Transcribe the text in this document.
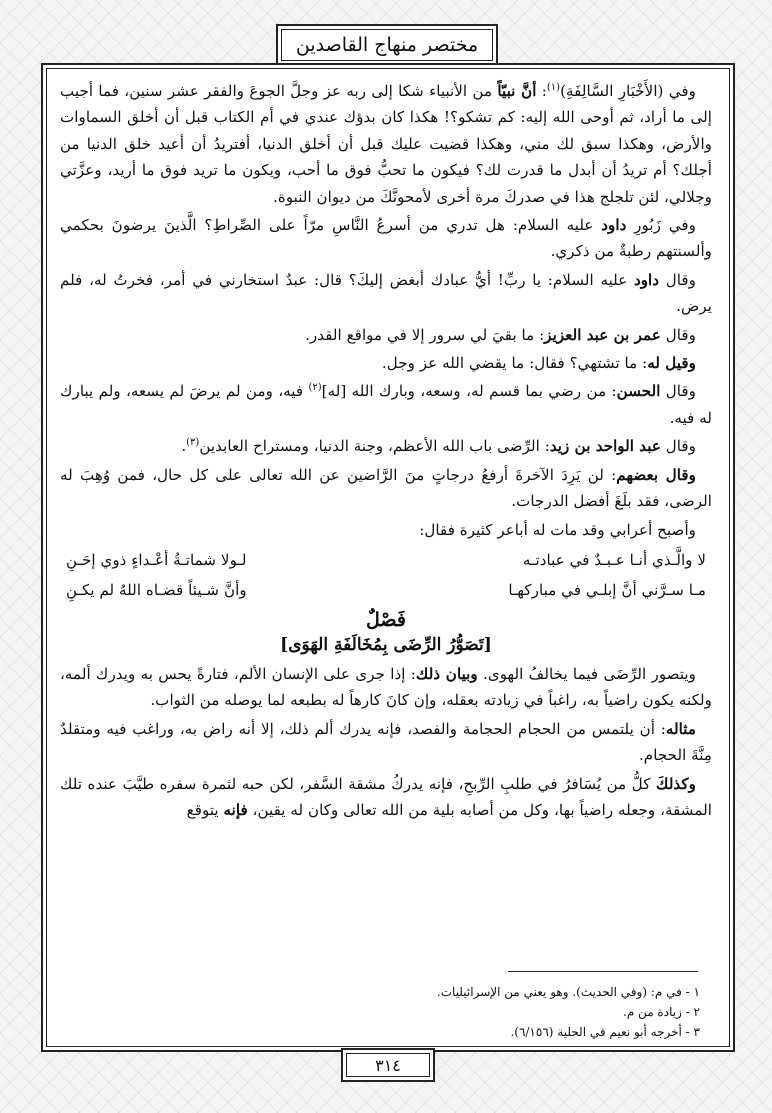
مختصر منهاج القاصدين

وفي (الأَخْبَارِ السَّالِفَةِ)$^{(١)}$: أنَّ نبيّاً من الأنبياء شكا إلى ربه عز وجلَّ الجوعَ والفقر عشر سنين، فما أجيب إلى ما أراد، ثم أوحى الله إليه: كم تشكو؟! هكذا كان بدؤك عندي في أم الكتاب قبل أن أخلق السماوات والأرض، وهكذا سبق لك مني، وهكذا قضيت عليك قبل أن أخلق الدنيا، أفتريدُ أن أعيد خلق الدنيا من أجلك؟ أم تريدُ أن أبدل ما قدرت لك؟ فيكون ما تحبُّ فوق ما أحب، ويكون ما تريد فوق ما أريد، وعزَّتي وجلالي، لئن تلجلج هذا في صدركَ مرة أخرى لأمحونَّكَ من ديوان النبوة.

وفي زَبُورِ داود عليه السلام: هل تدري من أسرعُ النَّاسِ مرّاً على الصِّراطِ؟ الَّذينَ يرضونَ بحكمي وألسنتهم رطبةٌ من ذكري.

وقال داود عليه السلام: يا ربِّ! أيُّ عبادك أبغض إليكَ؟ قال: عبدٌ استخارني في أمر، فخرتُ له، فلم يرض.

وقال عمر بن عبد العزيز: ما بقيَ لي سرور إلا في مواقع القدر.

وقيل له: ما تشتهي؟ فقال: ما يقضي الله عز وجل.

وقال الحسن: من رضي بما قسم له، وسعه، وبارك الله [له]$^{(٢)}$ فيه، ومن لم يرضَ لم يسعه، ولم يبارك له فيه.

وقال عبد الواحد بن زيد: الرِّضى باب الله الأعظم، وجنة الدنيا، ومستراح العابدين$^{(٣)}$.

وقال بعضهم: لن يَرِدَ الآخرةَ أرفعُ درجاتٍ منَ الرَّاضين عن الله تعالى على كل حال، فمن وُهِبَ له الرضى، فقد بلَغَ أفضل الدرجات.

وأصبح أعرابي وقد مات له أباعر كثيرة فقال:

لا والَّـذي أنـا عـبـدٌ في عبادتـه
لـولا شماتـةُ أعْـداءٍ ذوي إحَـنِ
مـا سـرَّني أنَّ إبلـي في مباركهـا
وأنَّ شـيئاً قضـاه اللهُ لم يكـنِ
فَصْلٌ
[تَصَوُّرُ الرِّضَى بِمُخَالَفَةِ الهَوَى]

ويتصور الرِّضَى فيما يخالفُ الهوى. وبيان ذلك: إذا جرى على الإنسان الألم، فتارةً يحس به ويدرك ألمه، ولكنه يكون راضياً به، راغباً في زيادته بعقله، وإن كانَ كارهاً له بطبعه لما يوصله من الثواب.

مثاله: أن يلتمس من الحجام الحجامة والفصد، فإنه يدرك ألم ذلك، إلا أنه راض به، وراغب فيه ومتقلدٌ مِنَّةَ الحجام.

وكذلكَ كلُّ من يُسَافرُ في طلبِ الرِّبحِ، فإنه يدركُ مشقة السَّفر، لكن حبه لثمرة سفره طيَّبَ عنده تلك المشقة، وجعله راضياً بها، وكل من أصابه بلية من الله تعالى وكان له يقين، فإنه يتوقع

١ - في م: (وفي الحديث). وهو يعني من الإسرائيليات.
٢ - زيادة من م.
٣ - أخرجه أبو نعيم في الحلية (٦/١٥٦).
٣١٤
